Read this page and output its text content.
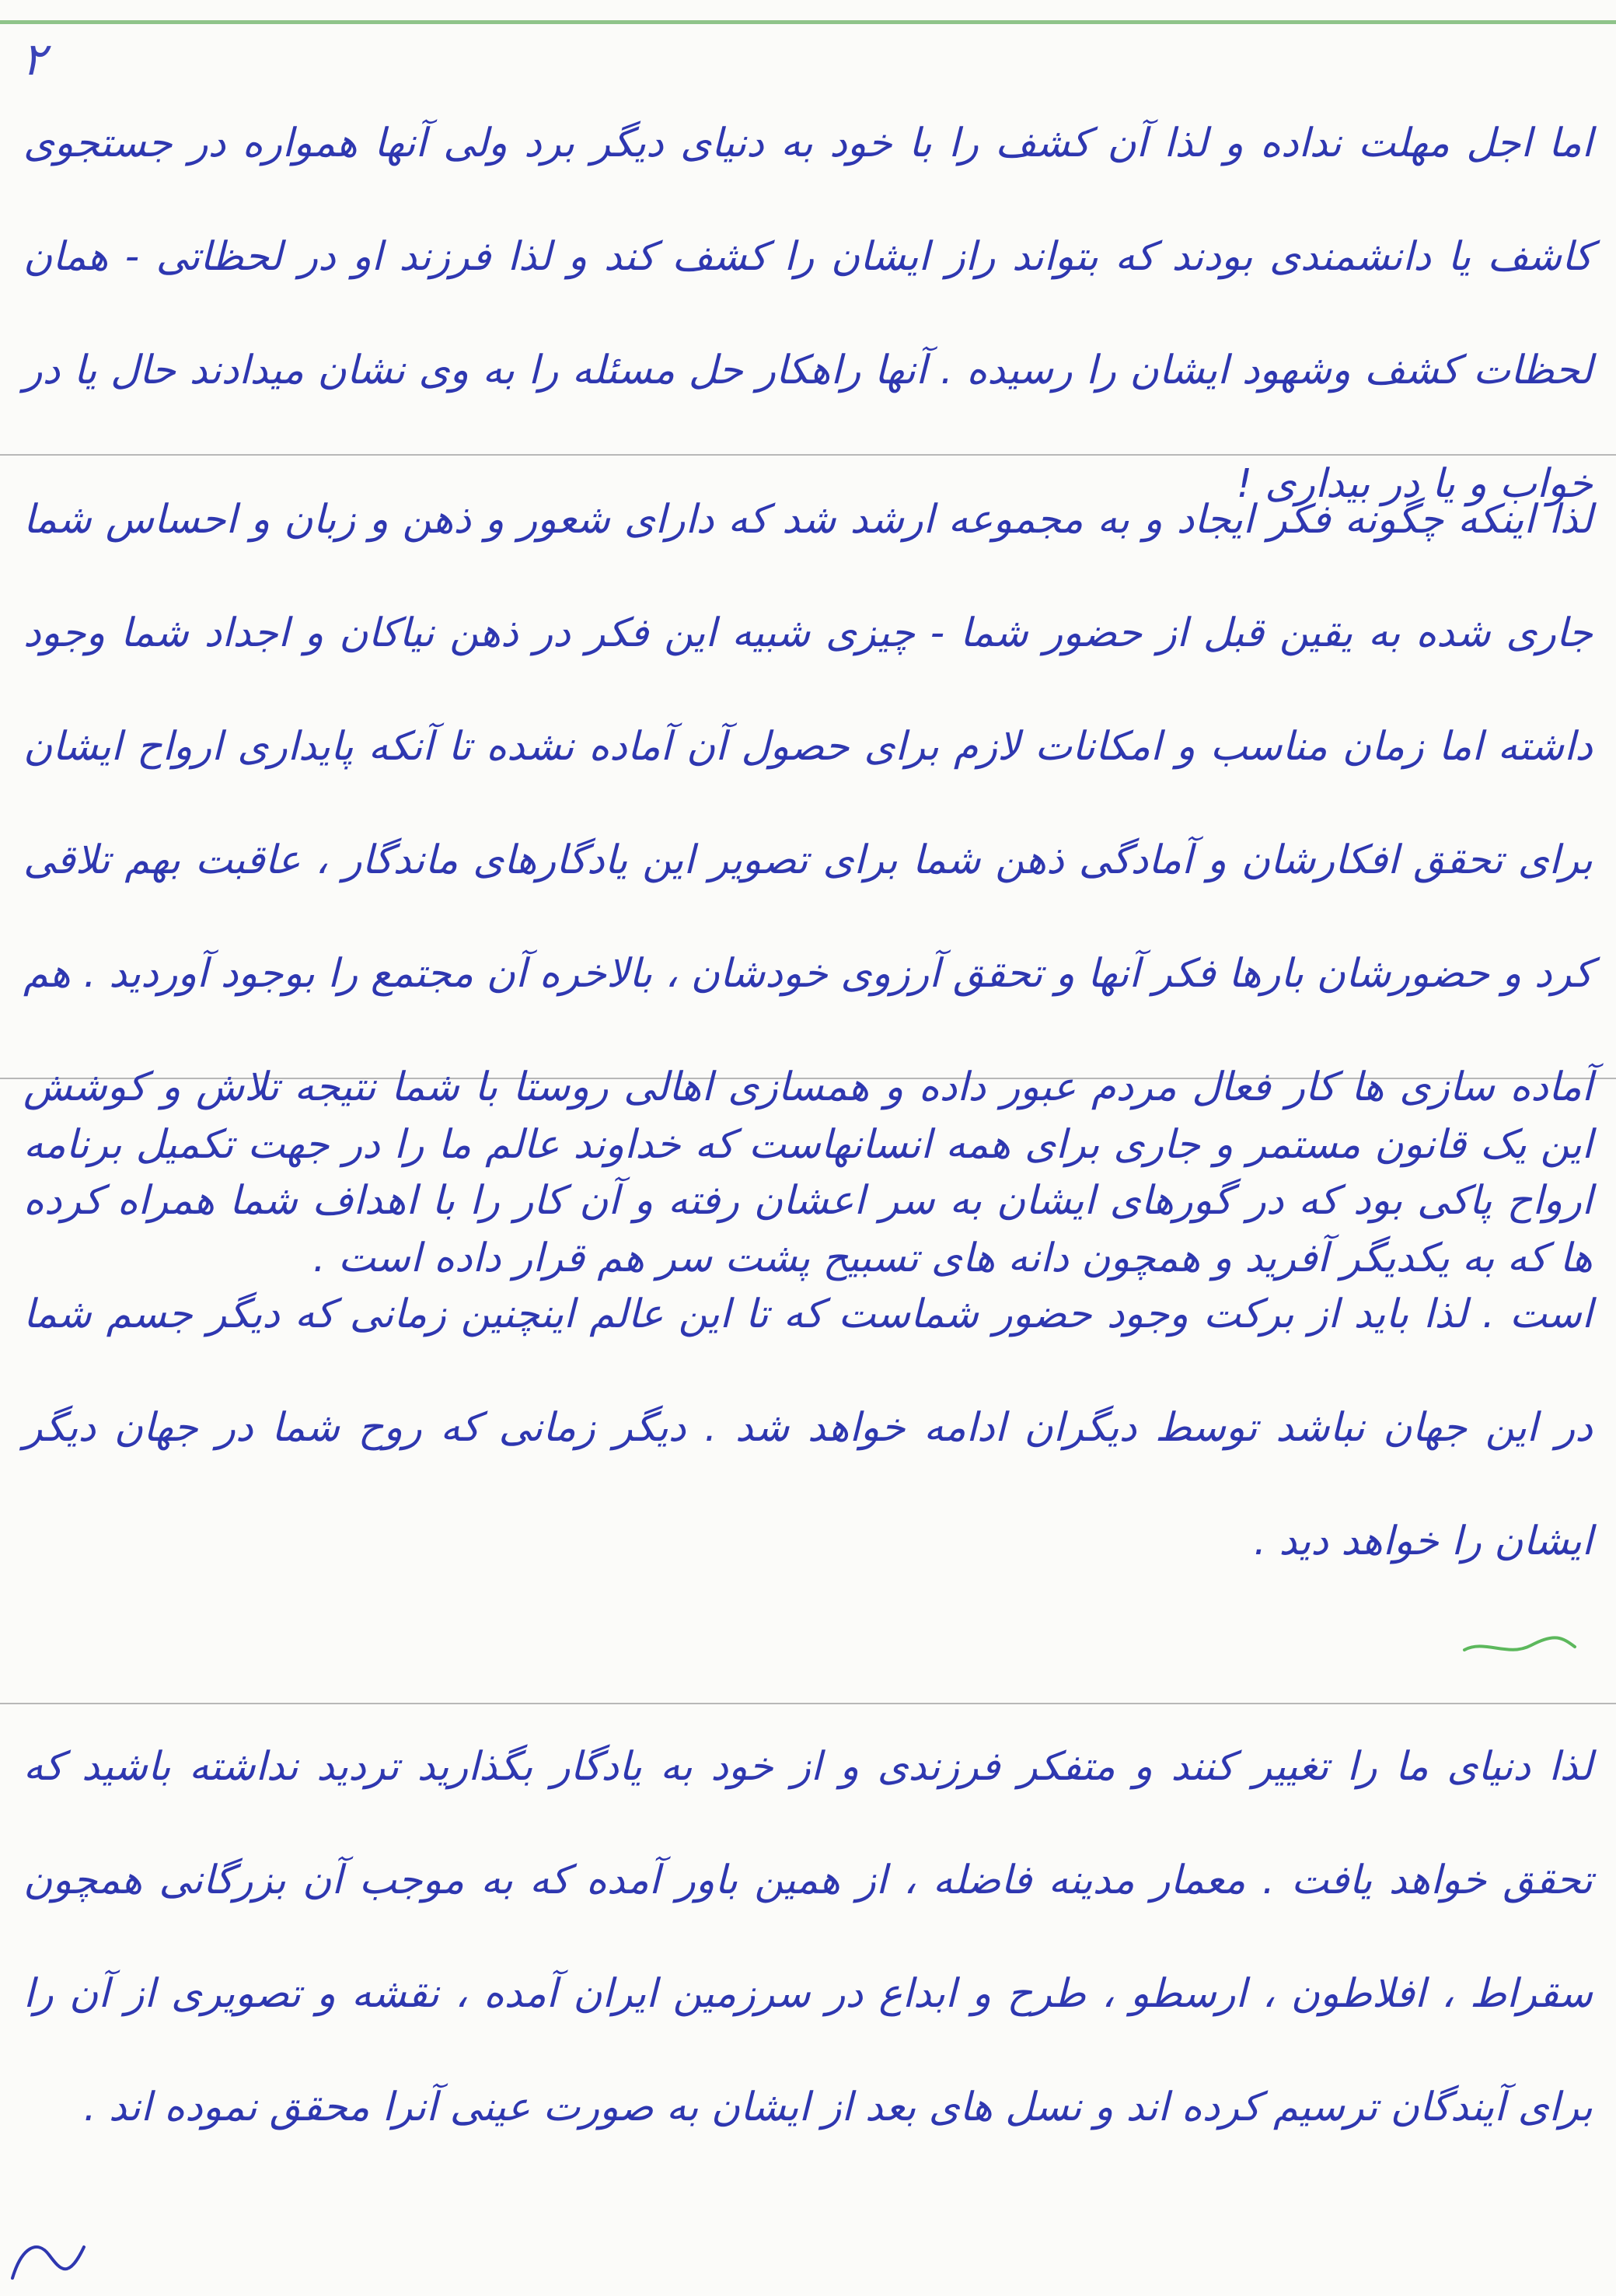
۲
اما اجل مهلت نداده و لذا آن کشف را با خود به دنیای دیگر برد ولی آنها همواره در جستجوی کاشف یا دانشمندی بودند که بتواند راز ایشان را کشف کند و لذا فرزند او در لحظاتی - همان لحظات کشف وشهود ایشان را رسیده . آنها راهکار حل مسئله را به وی نشان میدادند حال یا در خواب و یا در بیداری !
لذا اینکه چگونه فکر ایجاد و به مجموعه ارشد شد که دارای شعور و ذهن و زبان و احساس شما جاری شده به یقین قبل از حضور شما - چیزی شبیه این فکر در ذهن نیاکان و اجداد شما وجود داشته اما زمان مناسب و امکانات لازم برای حصول آن آماده نشده تا آنکه پایداری ارواح ایشان برای تحقق افکارشان و آمادگی ذهن شما برای تصویر این یادگارهای ماندگار ، عاقبت بهم تلاقی کرد و حضورشان بارها فکر آنها و تحقق آرزوی خودشان ، بالاخره آن مجتمع را بوجود آوردید . هم آماده سازی ها کار فعال مردم عبور داده و همسازی اهالی روستا با شما نتیجه تلاش و کوشش ارواح پاکی بود که در گورهای ایشان به سر اعشان رفته و آن کار را با اهداف شما همراه کرده است . لذا باید از برکت وجود حضور شماست که تا این عالم اینچنین زمانی که دیگر جسم شما در این جهان نباشد توسط دیگران ادامه خواهد شد . دیگر زمانی که روح شما در جهان دیگر ایشان را خواهد دید .
این یک قانون مستمر و جاری برای همه انسانهاست که خداوند عالم ما را در جهت تکمیل برنامه ها که به یکدیگر آفرید و همچون دانه های تسبیح پشت سر هم قرار داده است .
لذا دنیای ما را تغییر کنند و متفکر فرزندی و از خود به یادگار بگذارید تردید نداشته باشید که تحقق خواهد یافت . معمار مدینه فاضله ، از همین باور آمده که به موجب آن بزرگانی همچون سقراط ، افلاطون ، ارسطو ، طرح و ابداع در سرزمین ایران آمده ، نقشه و تصویری از آن را برای آیندگان ترسیم کرده اند و نسل های بعد از ایشان به صورت عینی آنرا محقق نموده اند .
